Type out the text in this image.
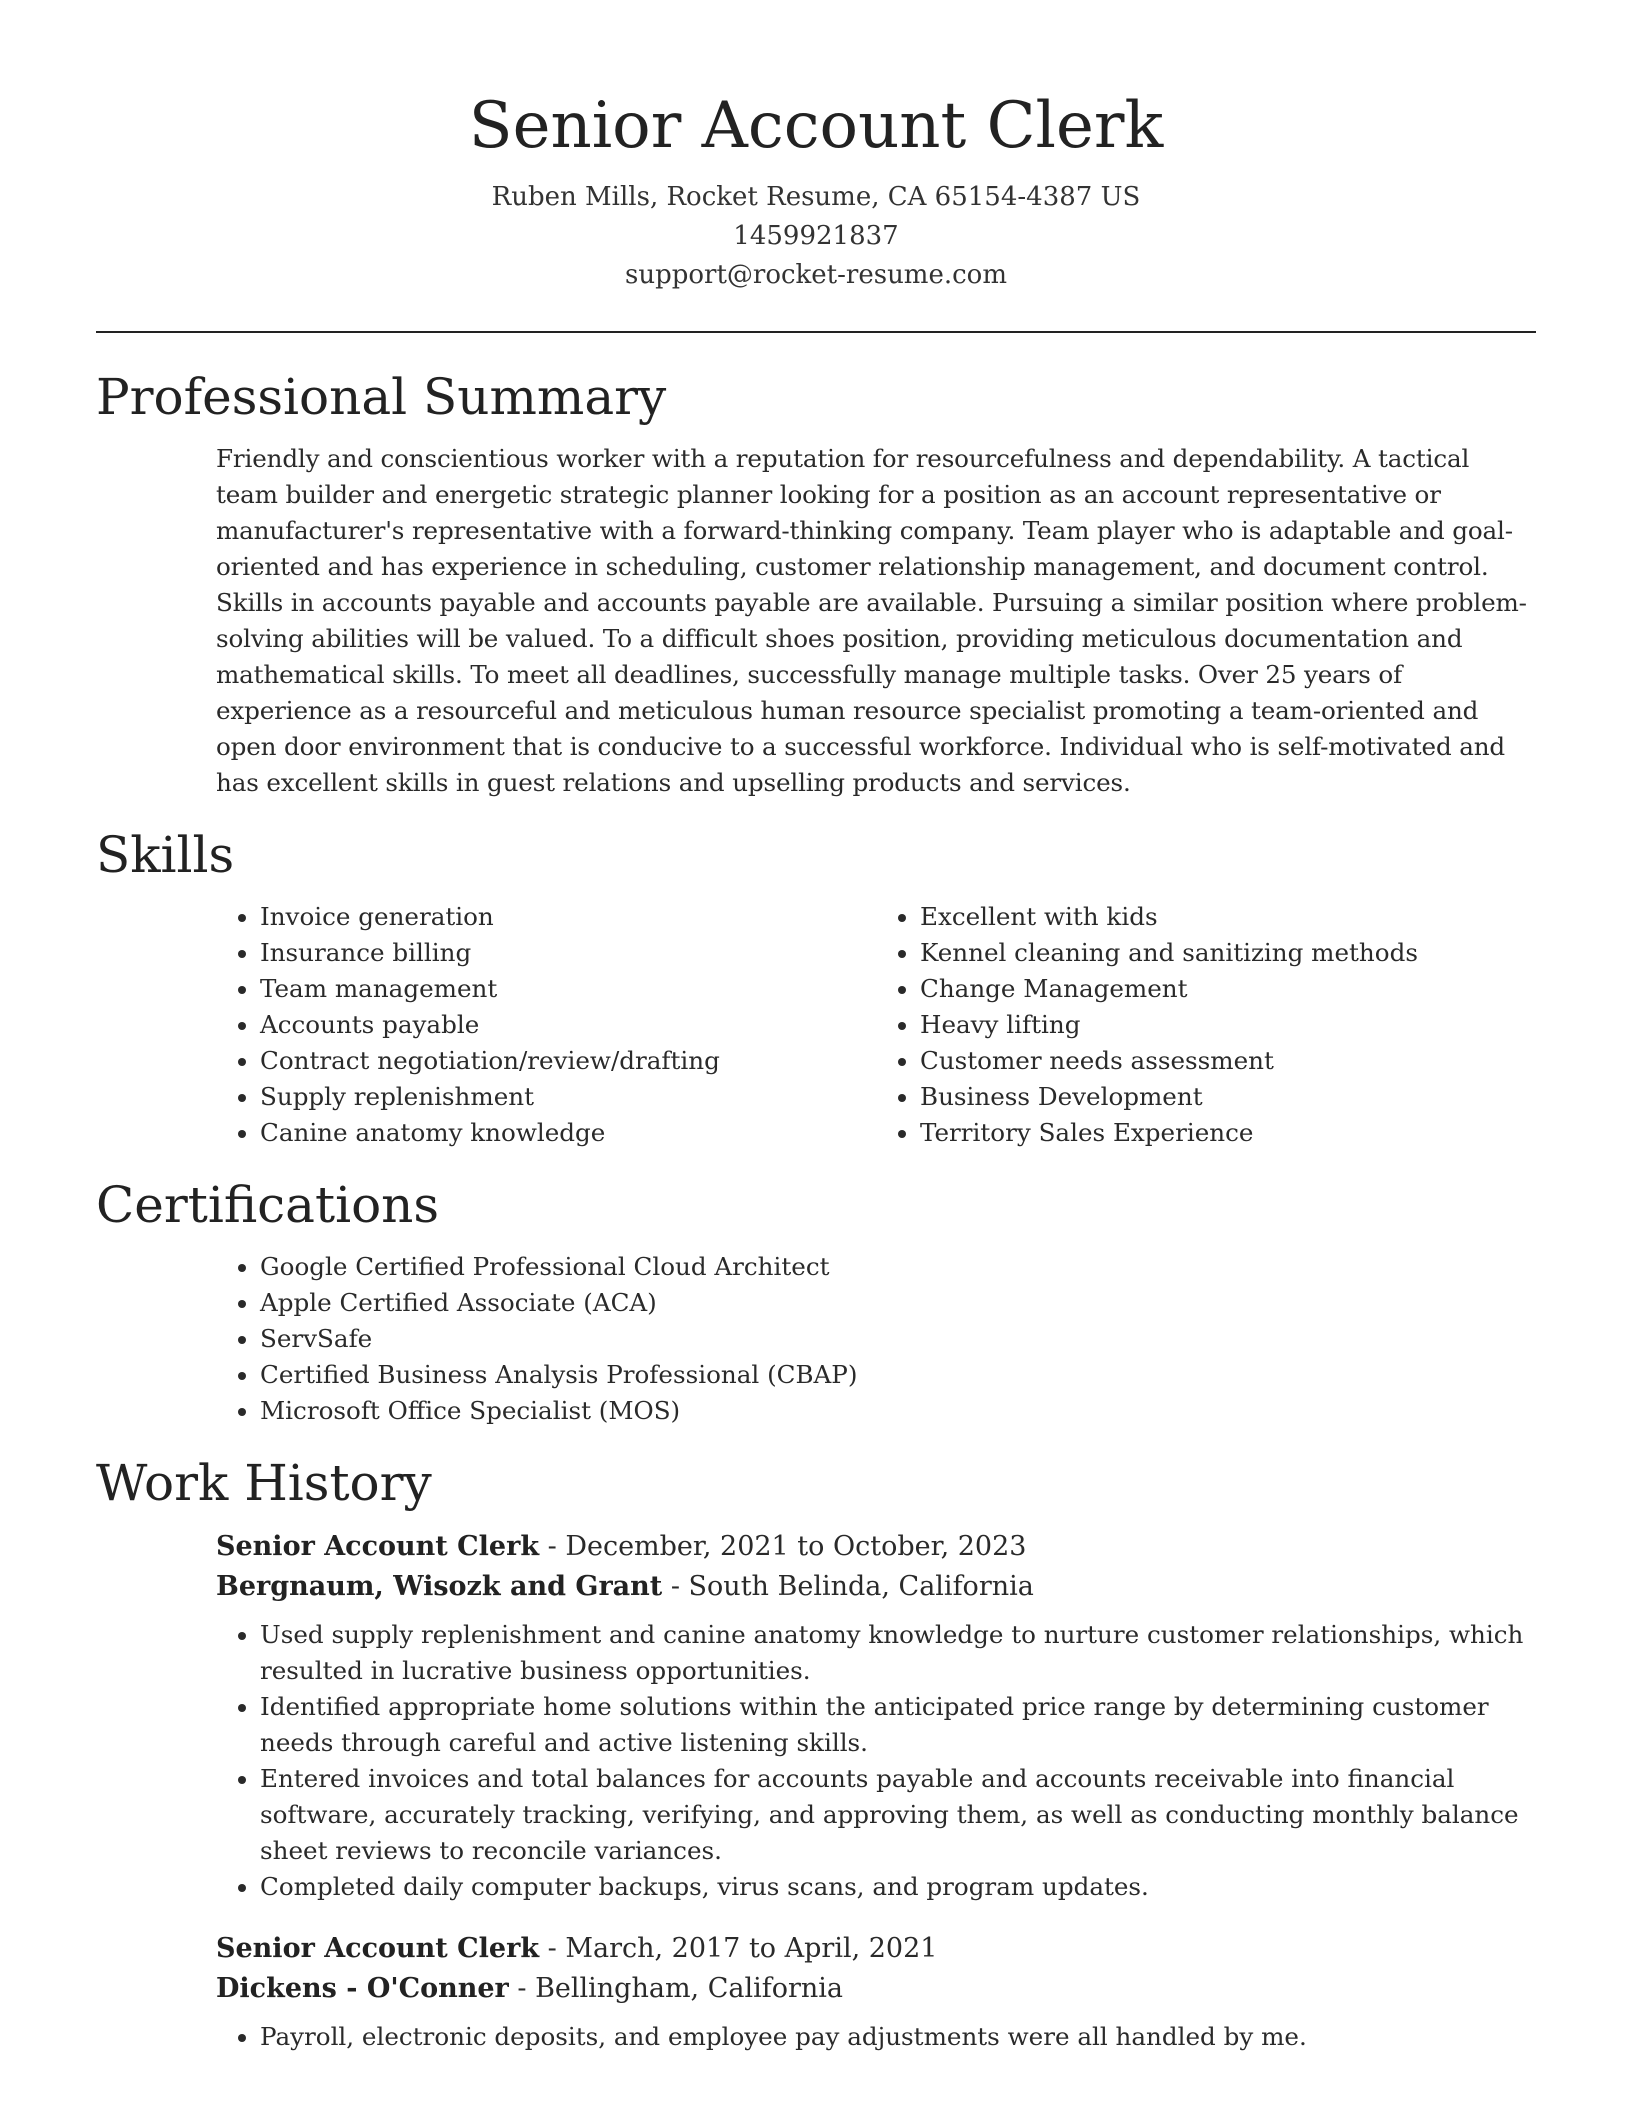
Senior Account Clerk
Ruben Mills, Rocket Resume, CA 65154-4387 US
1459921837
support@rocket-resume.com
Professional Summary

Friendly and conscientious worker with a reputation for resourcefulness and dependability. A tactical team builder and energetic strategic planner looking for a position as an account representative or manufacturer's representative with a forward-thinking company. Team player who is adaptable and goal-oriented and has experience in scheduling, customer relationship management, and document control. Skills in accounts payable and accounts payable are available. Pursuing a similar position where problem-solving abilities will be valued. To a difficult shoes position, providing meticulous documentation and mathematical skills. To meet all deadlines, successfully manage multiple tasks. Over 25 years of experience as a resourceful and meticulous human resource specialist promoting a team-oriented and open door environment that is conducive to a successful workforce. Individual who is self-motivated and has excellent skills in guest relations and upselling products and services.

Skills
• Invoice generation
• Insurance billing
• Team management
• Accounts payable
• Contract negotiation/review/drafting
• Supply replenishment
• Canine anatomy knowledge
• Excellent with kids
• Kennel cleaning and sanitizing methods
• Change Management
• Heavy lifting
• Customer needs assessment
• Business Development
• Territory Sales Experience
Certifications
• Google Certified Professional Cloud Architect
• Apple Certified Associate (ACA)
• ServSafe
• Certified Business Analysis Professional (CBAP)
• Microsoft Office Specialist (MOS)
Work History
Senior Account Clerk - December, 2021 to October, 2023
Bergnaum, Wisozk and Grant - South Belinda, California
• Used supply replenishment and canine anatomy knowledge to nurture customer relationships, which resulted in lucrative business opportunities.
• Identified appropriate home solutions within the anticipated price range by determining customer needs through careful and active listening skills.
• Entered invoices and total balances for accounts payable and accounts receivable into financial software, accurately tracking, verifying, and approving them, as well as conducting monthly balance sheet reviews to reconcile variances.
• Completed daily computer backups, virus scans, and program updates.
Senior Account Clerk - March, 2017 to April, 2021
Dickens - O'Conner - Bellingham, California
• Payroll, electronic deposits, and employee pay adjustments were all handled by me.
